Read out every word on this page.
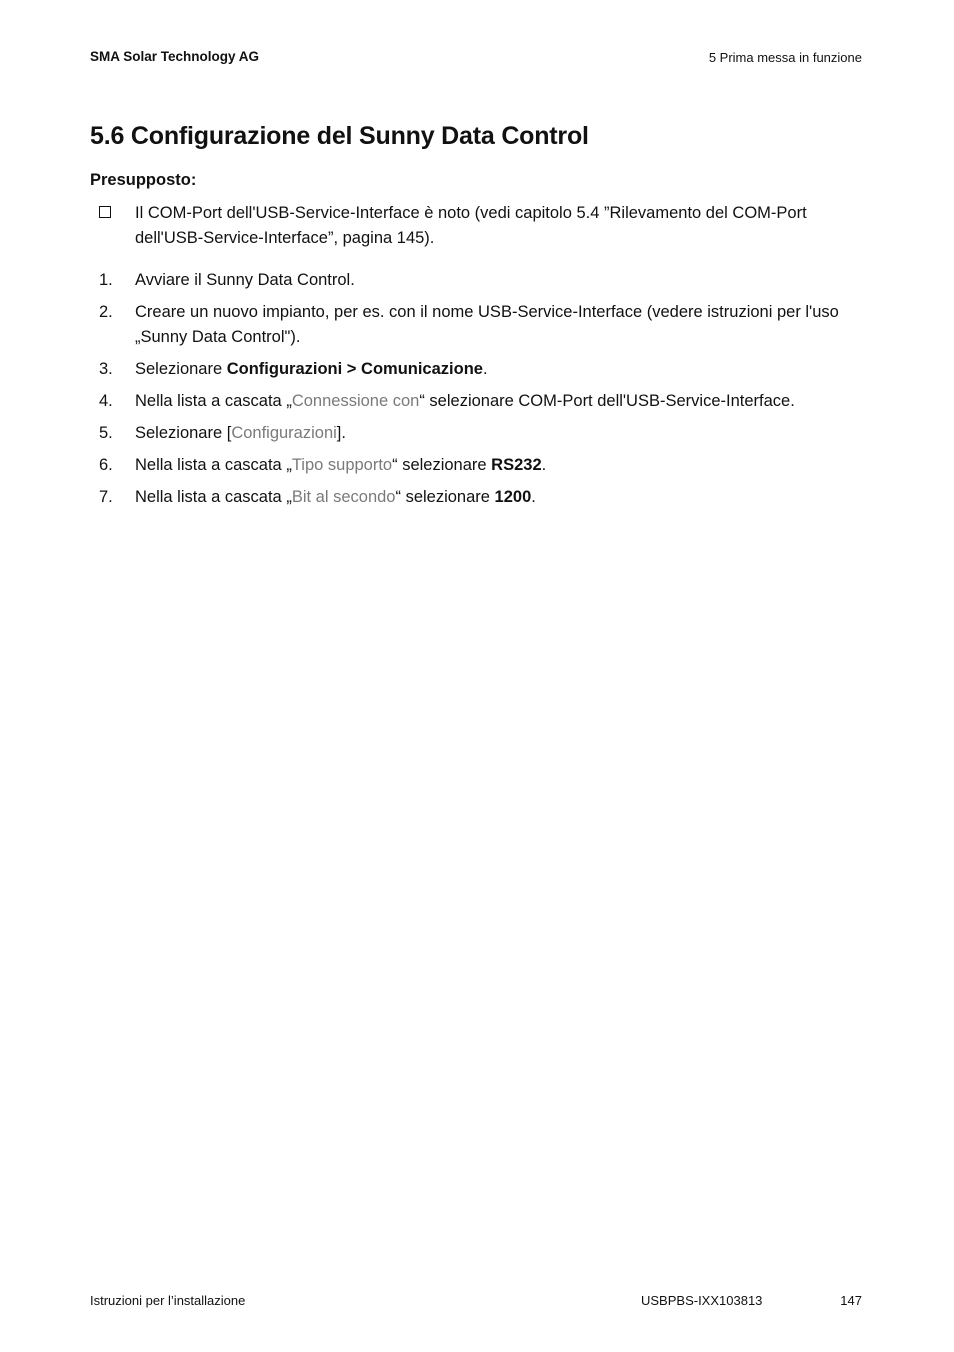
SMA Solar Technology AG	5 Prima messa in funzione
5.6 Configurazione del Sunny Data Control
Presupposto:
Il COM-Port dell'USB-Service-Interface è noto (vedi capitolo 5.4 ”Rilevamento del COM-Port dell'USB-Service-Interface”, pagina 145).
1. Avviare il Sunny Data Control.
2. Creare un nuovo impianto, per es. con il nome USB-Service-Interface (vedere istruzioni per l'uso „Sunny Data Control").
3. Selezionare Configurazioni > Comunicazione.
4. Nella lista a cascata „Connessione con“ selezionare COM-Port dell'USB-Service-Interface.
5. Selezionare [Configurazioni].
6. Nella lista a cascata „Tipo supporto“ selezionare RS232.
7. Nella lista a cascata „Bit al secondo“ selezionare 1200.
Istruzioni per l’installazione	USBPBS-IXX103813	147
